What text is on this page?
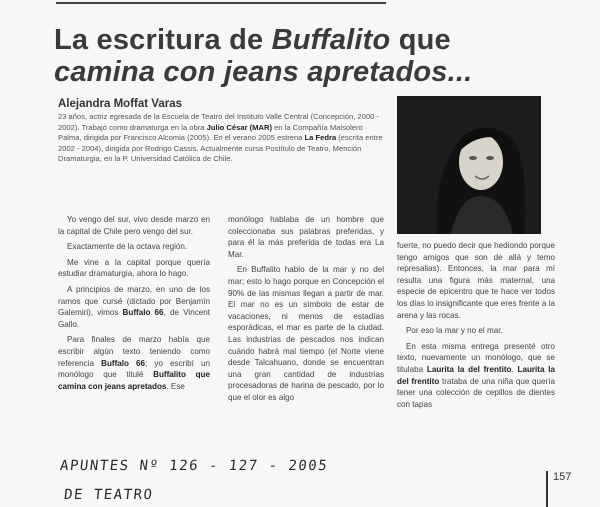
La escritura de Buffalito que
camina con jeans apretados...
Alejandra Moffat Varas
23 años, actriz egresada de la Escuela de Teatro del Instituto Valle Central (Concepción, 2000 - 2002). Trabajó como dramaturga en la obra Julio César (MAR) en la Compañía Malsolero Palma, dirigida por Francisco Alcomia (2005). En el verano 2005 estrena La Fedra (escrita entre 2002 - 2004), dirigida por Rodrigo Cassis. Actualmente cursa Postítulo de Teatro, Mención Dramaturgia, en la P. Universidad Católica de Chile.

Yo vengo del sur, vivo desde marzo en la capital de Chile pero vengo del sur.

Exactamente de la octava región.

Me vine a la capital porque quería estudiar dramaturgia, ahora lo hago.

A principios de marzo, en uno de los ramos que cursé (dictado por Benjamín Galemiri), vimos Buffalo 66, de Vincent Gallo.

Para finales de marzo había que escribir algún texto teniendo como referencia Buffalo 66; yo escribí un monólogo que titulé Buffalito que camina con jeans apretados. Ese

monólogo hablaba de un hombre que coleccionaba sus palabras preferidas, y para él la más preferida de todas era La Mar.

En Buffalito hablo de la mar y no del mar; esto lo hago porque en Concepción el 90% de las mismas llegan a partir de mar. El mar no es un símbolo de estar de vacaciones, ni menos de estadías esporádicas, el mar es parte de la ciudad. Las industrias de pescados nos indican cuándo habrá mal tiempo (el Norte viene desde Talcahuano, donde se encuentran una gran cantidad de industrias procesadoras de harina de pescado, por lo que el olor es algo

fuerte, no puedo decir que hediondo porque tengo amigos que son de allá y temo represalias). Entonces, la mar para mí resulta una figura más maternal, una especie de epicentro que te hace ver todos los días lo insignificante que eres frente a la arena y las rocas.

Por eso la mar y no el mar.

En esta misma entrega presenté otro texto, nuevamente un monólogo, que se titulaba Laurita la del frentito. Laurita la del frentito trataba de una niña que quería tener una colección de cepillos de dientes con tapas

APUNTES Nº 126 - 127 - 2005
DE TEATRO
157
